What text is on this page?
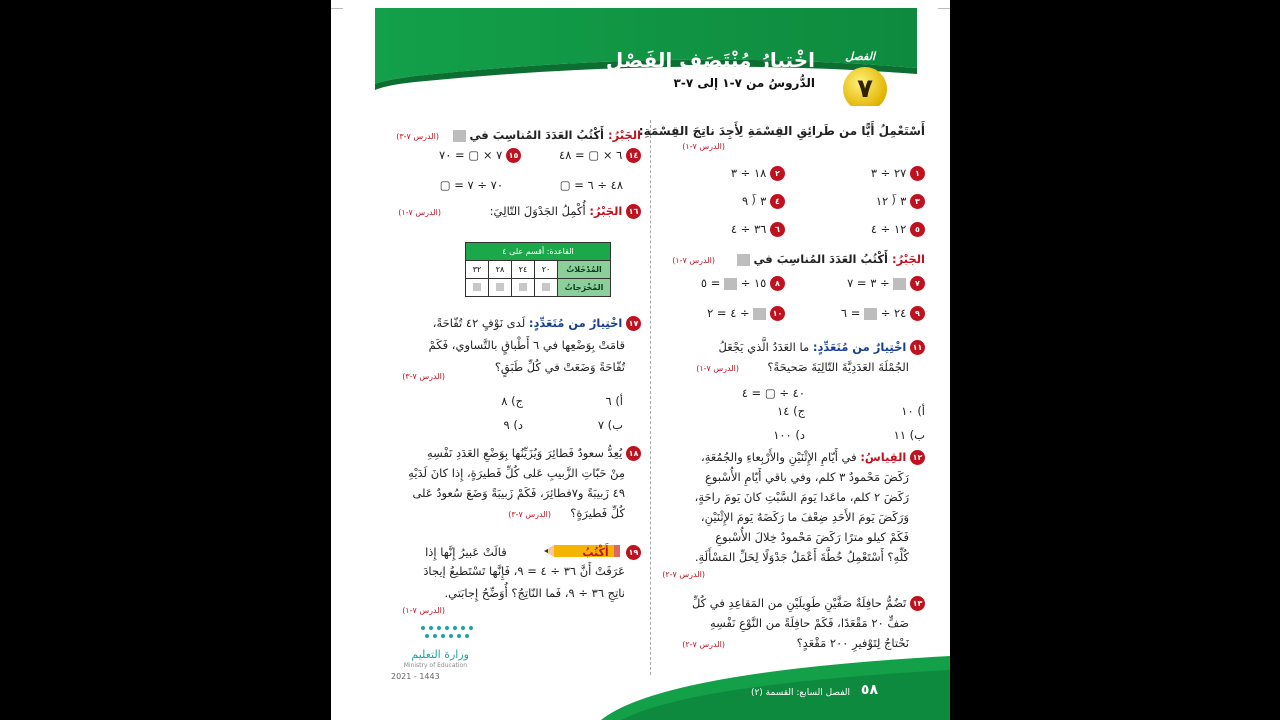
الفصل
٧
اخْتِبارُ مُنْتَصَفِ الفَصْلِ
الدُّروسُ من ٧-١ إلى ٧-٣
أَسْتَعْمِلُ أَيًّا من طَرائِقِ القِسْمَةِ لِأَجِدَ ناتِجَ القِسْمَةِ:
(الدرس ٧-١)
١ ٢٧ ÷ ٣
٢ ١٨ ÷ ٣
٣ ٣ ⟌ ١٢
٤ ٣ ⟌ ٩
٥ ١٢ ÷ ٤
٦ ٣٦ ÷ ٤
الجَبْرُ: أَكْتُبُ العَدَدَ المُناسِبَ في
(الدرس ٧-١)
٧  ÷ ٣ = ٧
٨ ١٥ ÷  = ٥
٩ ٢٤ ÷  = ٦
١٠  ÷ ٤ = ٢
١١ اخْتِيارٌ من مُتَعَدِّدٍ: ما العَدَدُ الَّذي يَجْعَلُ
الجُمْلَةَ العَدَدِيَّةَ التّالِيَةَ صَحيحَةً؟
(الدرس ٧-١)
٤٠ ÷ ▢ = ٤
أ) ١٠
ج) ١٤
ب) ١١
د) ١٠٠
١٢ القِياسُ: في أَيّامِ الإِثْنَيْنِ والأَرْبِعاءِ والجُمُعَةِ،
رَكَضَ مَحْمودٌ ٣ كلم، وفي باقي أَيّامِ الأُسْبوعِ
رَكَضَ ٢ كلم، ماعَدا يَومَ السَّبْتِ كانَ يَومَ راحَةٍ،
وَرَكَضَ يَومَ الأَحَدِ ضِعْفَ ما رَكَضَهُ يَومَ الإِثْنَيْنِ،
فَكَمْ كيلو مترًا رَكَضَ مَحْمودٌ خِلالَ الأُسْبوعِ
كُلِّهِ؟ أَسْتَعْمِلُ خُطَّةَ أَعْمَلُ جَدْوَلًا لِحَلِّ المَسْأَلَةِ.
(الدرس ٧-٢)
١٣ تَضُمُّ حافِلَةٌ صَفَّيْنِ طَوِيلَيْنِ من المَقاعِدِ في كُلِّ
صَفٍّ ٢٠ مَقْعَدًا، فَكَمْ حافِلَةً من النَّوْعِ نَفْسِهِ
نَحْتاجُ لِتَوْفيرِ ٢٠٠ مَقْعَدٍ؟
(الدرس ٧-٢)
الجَبْرُ: أَكْتُبُ العَدَدَ المُناسِبَ في
(الدرس ٧-٣)
١٤ ٦ × ▢ = ٤٨
١٥ ٧ × ▢ = ٧٠
٤٨ ÷ ٦ = ▢
٧٠ ÷ ٧ = ▢
١٦ الجَبْرُ: أُكْمِلُ الجَدْوَلَ التّالِيَ:
(الدرس ٧-١)
١٧ اخْتِيارٌ من مُتَعَدِّدٍ: لَدى نَوْفٍ ٤٢ تُفّاحَةً،
قامَتْ بِوَضْعِها في ٦ أَطْباقٍ بالتَّساوي، فَكَمْ
تُفّاحَةً وَضَعَتْ في كُلِّ طَبَقٍ؟
(الدرس ٧-٣)
أ) ٦
ج) ٨
ب) ٧
د) ٩
١٨ يُعِدُّ سعودٌ فَطائِرَ وَيُزَيِّنُها بِوَضْعِ العَدَدِ نَفْسِهِ
مِنْ حَبّاتِ الزَّبيبِ عَلى كُلِّ فَطيرَةٍ، إِذا كانَ لَدَيْهِ
٤٩ زَبيبَةً و٧فطائِرَ، فَكَمْ زَبيبَةً وَضَعَ سُعودٌ عَلى
كُلِّ فَطيرَةٍ؟
(الدرس ٧-٣)
١٩  أَكْتُبُ قالَتْ عَبيرُ إِنَّها إِذا
عَرَفَتْ أَنَّ ٣٦ ÷ ٤ = ٩، فَإِنَّها تَسْتَطيعُ إيجادَ
ناتِجِ ٣٦ ÷ ٩، فَما النّاتِجُ؟ أُوَضِّحُ إِجابَتي.
(الدرس ٧-١)
القاعدة: أقسم على ٤				
المُدْخَلاتُ	٢٠	٢٤	٢٨	٣٢
المُخْرَجاتُ				
وزارة التعليم
Ministry of Education
2021 - 1443
٥٨
الفصل السابع: القسمة (٢)
